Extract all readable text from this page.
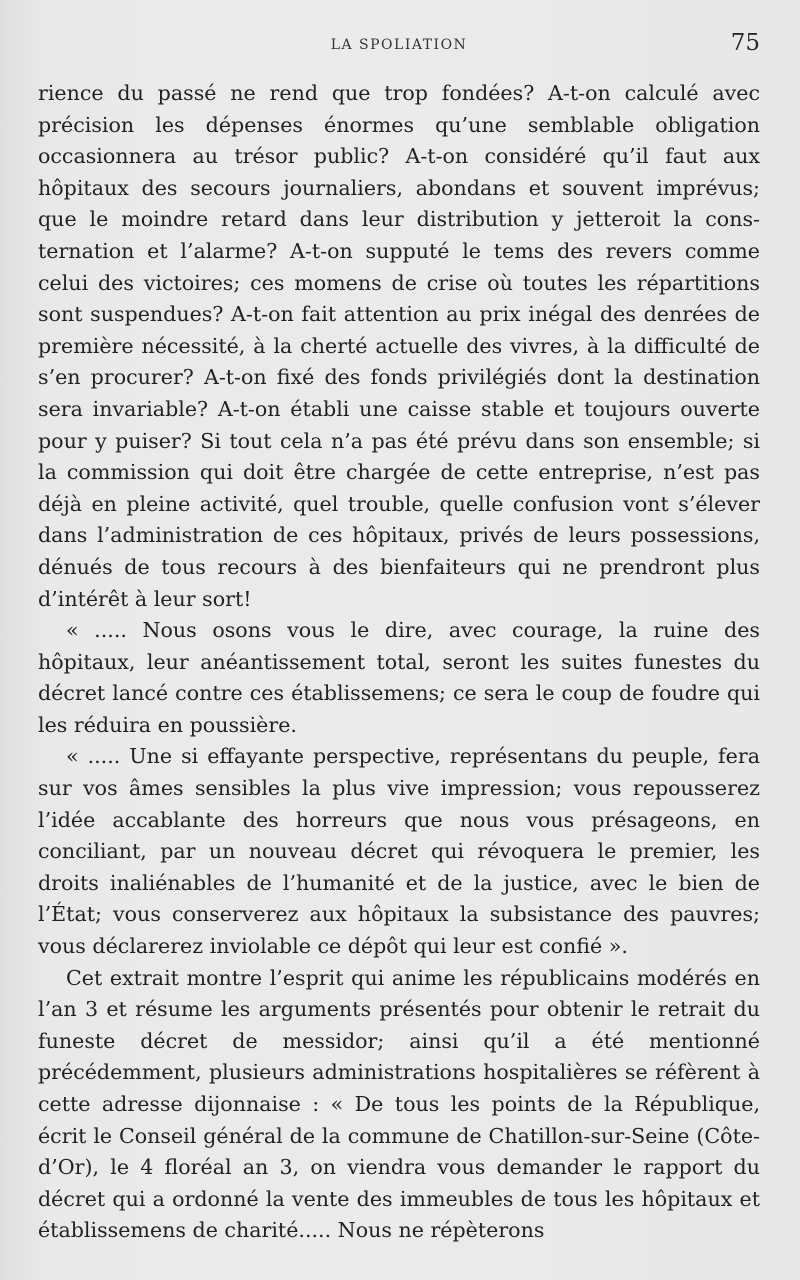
LA SPOLIATION	75

rience du passé ne rend que trop fondées? A-t-on calculé avec précision les dépenses énormes qu’une semblable obligation occasionnera au trésor public? A-t-on considéré qu’il faut aux hôpitaux des secours journaliers, abondans et souvent imprévus; que le moindre retard dans leur distribution y jetteroit la consternation et l’alarme? A-t-on supputé le tems des revers comme celui des victoires; ces momens de crise où toutes les répartitions sont suspendues? A-t-on fait attention au prix inégal des denrées de première nécessité, à la cherté actuelle des vivres, à la difficulté de s’en procurer? A-t-on fixé des fonds privilégiés dont la destination sera invariable? A-t-on établi une caisse stable et toujours ouverte pour y puiser? Si tout cela n’a pas été prévu dans son ensemble; si la commission qui doit être chargée de cette entreprise, n’est pas déjà en pleine activité, quel trouble, quelle confusion vont s’élever dans l’administration de ces hôpitaux, privés de leurs possessions, dénués de tous recours à des bienfaiteurs qui ne prendront plus d’intérêt à leur sort!

« ..... Nous osons vous le dire, avec courage, la ruine des hôpitaux, leur anéantissement total, seront les suites funestes du décret lancé contre ces établissemens; ce sera le coup de foudre qui les réduira en poussière.

« ..... Une si effayante perspective, représentans du peuple, fera sur vos âmes sensibles la plus vive impression; vous repousserez l’idée accablante des horreurs que nous vous présageons, en conciliant, par un nouveau décret qui révoquera le premier, les droits inaliénables de l’humanité et de la justice, avec le bien de l’État; vous conserverez aux hôpitaux la subsistance des pauvres; vous déclarerez inviolable ce dépôt qui leur est confié ».

Cet extrait montre l’esprit qui anime les républicains modérés en l’an 3 et résume les arguments présentés pour obtenir le retrait du funeste décret de messidor; ainsi qu’il a été mentionné précédemment, plusieurs administrations hospitalières se réfèrent à cette adresse dijonnaise : « De tous les points de la République, écrit le Conseil général de la commune de Chatillon-sur-Seine (Côte-d’Or), le 4 floréal an 3, on viendra vous demander le rapport du décret qui a ordonné la vente des immeubles de tous les hôpitaux et établissemens de charité..... Nous ne répèterons
